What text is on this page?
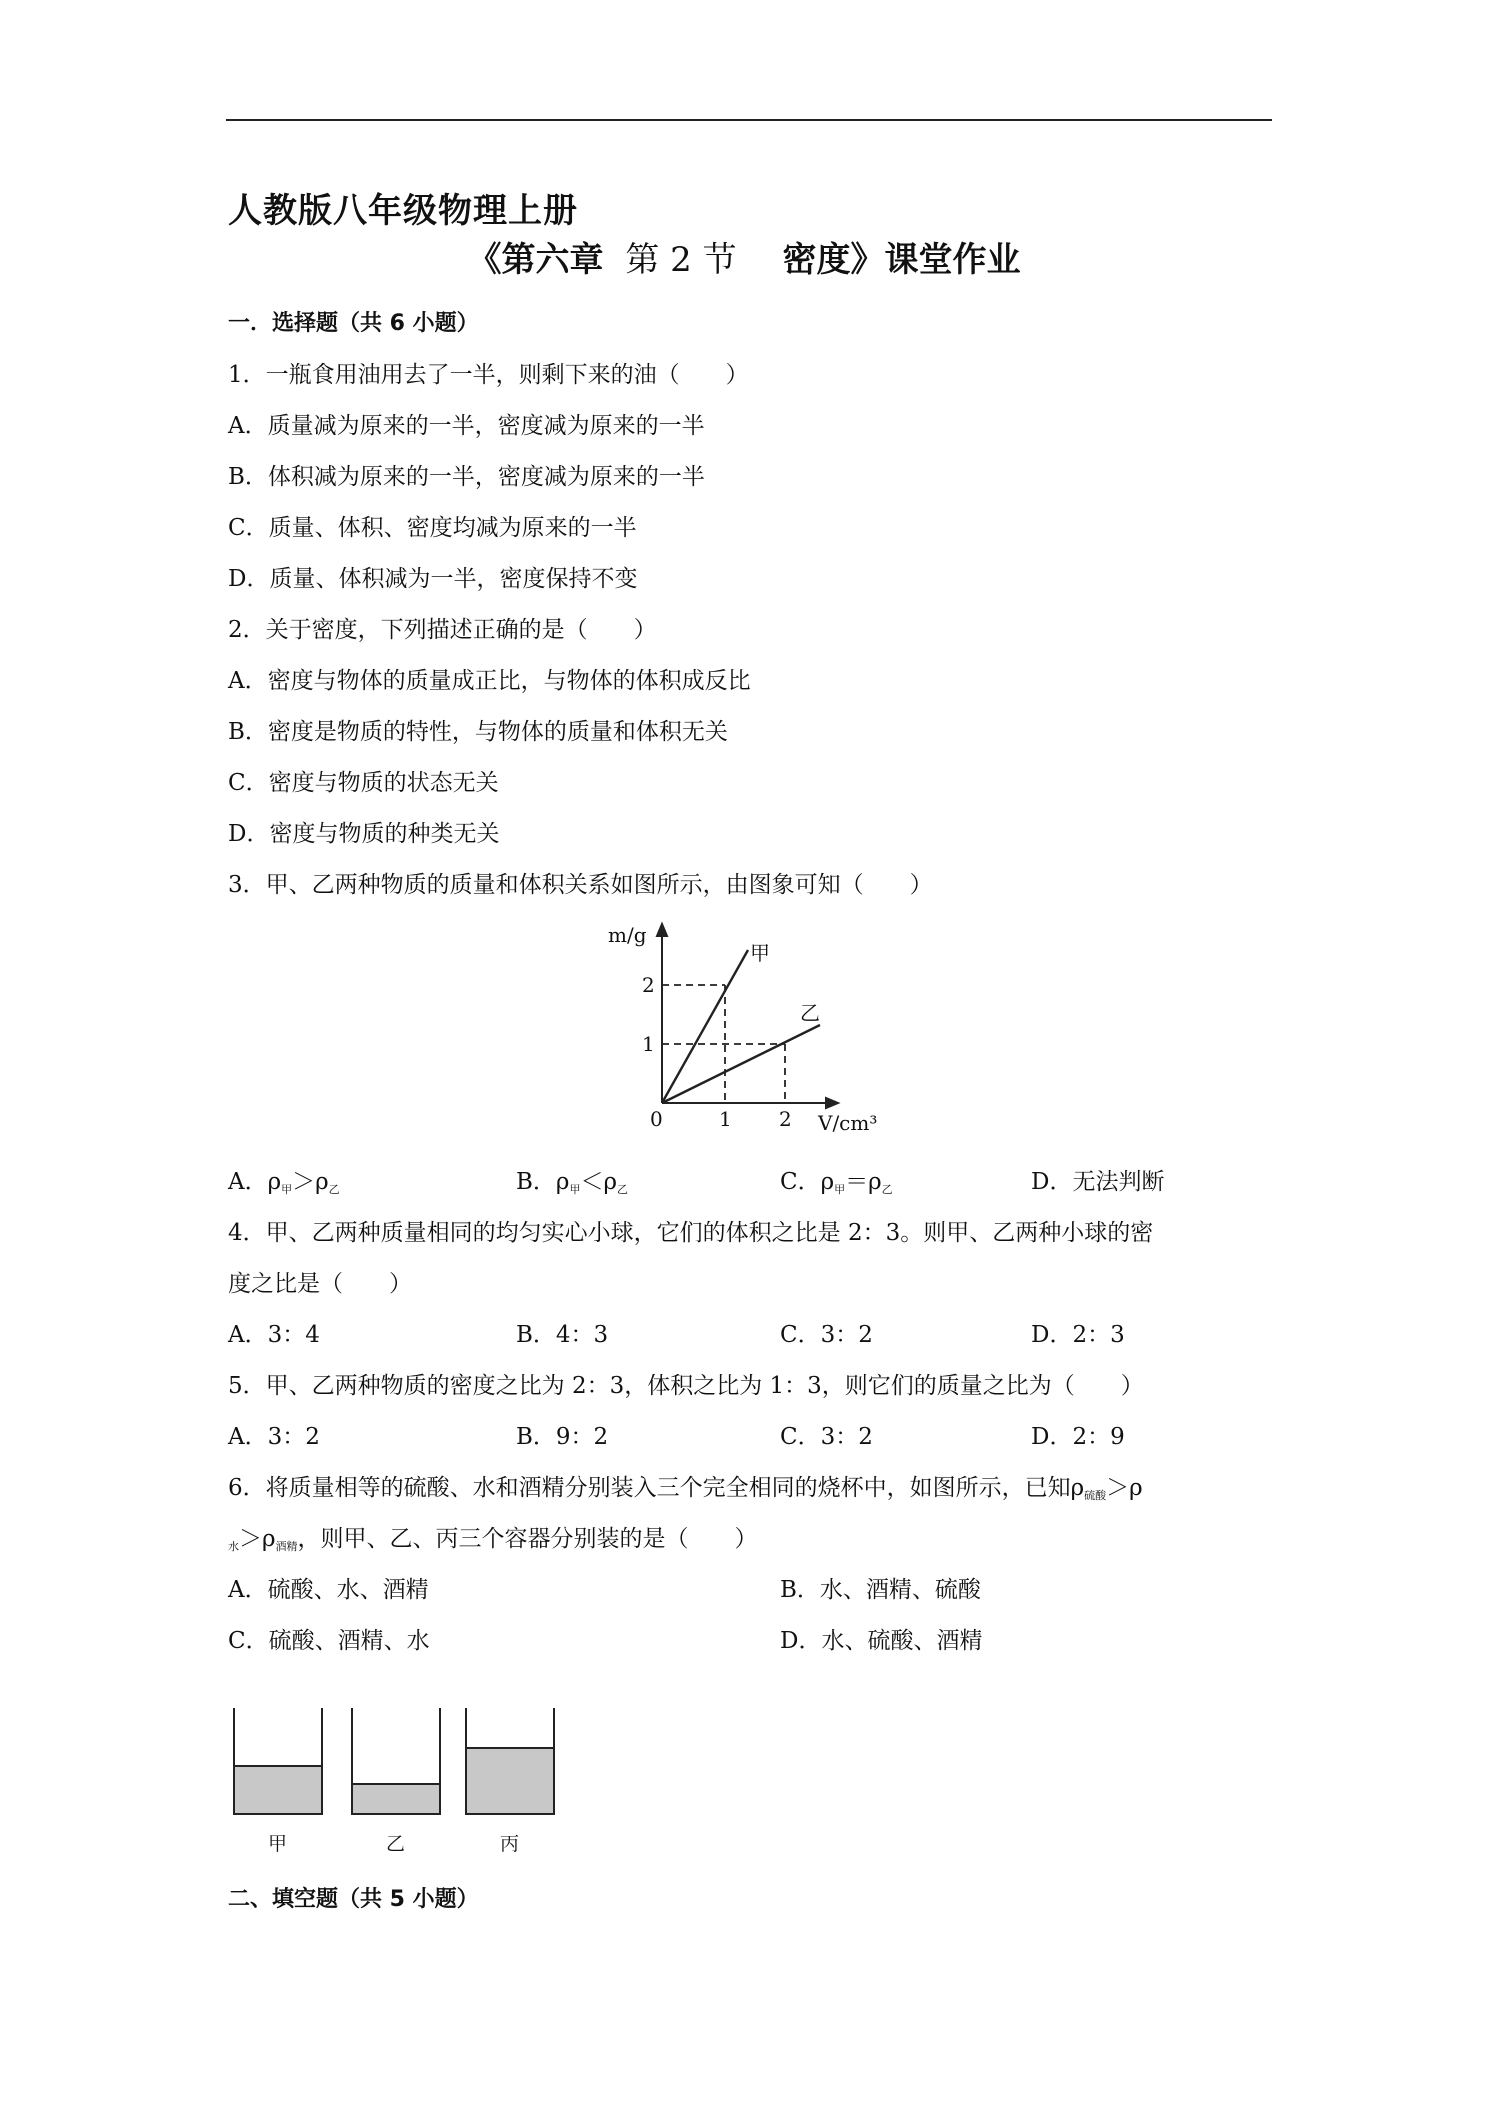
人教版八年级物理上册
《第六章 第 2 节 密度》课堂作业
一．选择题（共 6 小题）
1．一瓶食用油用去了一半，则剩下来的油（　　）
A．质量减为原来的一半，密度减为原来的一半
B．体积减为原来的一半，密度减为原来的一半
C．质量、体积、密度均减为原来的一半
D．质量、体积减为一半，密度保持不变
2．关于密度，下列描述正确的是（　　）
A．密度与物体的质量成正比，与物体的体积成反比
B．密度是物质的特性，与物体的质量和体积无关
C．密度与物质的状态无关
D．密度与物质的种类无关
3．甲、乙两种物质的质量和体积关系如图所示，由图象可知（　　）
m/g
V/cm³
0	1 2
1
2
甲
乙
A．$\rho_甲>\rho_乙$	B．$\rho_甲<\rho_乙$	C．$\rho_甲=\rho_乙$	D．无法判断
4．甲、乙两种质量相同的均匀实心小球，它们的体积之比是 2：3。则甲、乙两种小球的密
度之比是（　　）
A．3：4	B．4：3	C．3：2	D．2：3
5．甲、乙两种物质的密度之比为 2：3，体积之比为 1：3，则它们的质量之比为（　　）
A．3：2	B．9：2	C．3：2	D．2：9
6．将质量相等的硫酸、水和酒精分别装入三个完全相同的烧杯中，如图所示，已知$\rho_{硫酸}>\rho$
$_水>\rho_{酒精}$，则甲、乙、丙三个容器分别装的是（　　）
A．硫酸、水、酒精	B．水、酒精、硫酸
C．硫酸、酒精、水	D．水、硫酸、酒精
甲	乙	丙
二、填空题（共 5 小题）
